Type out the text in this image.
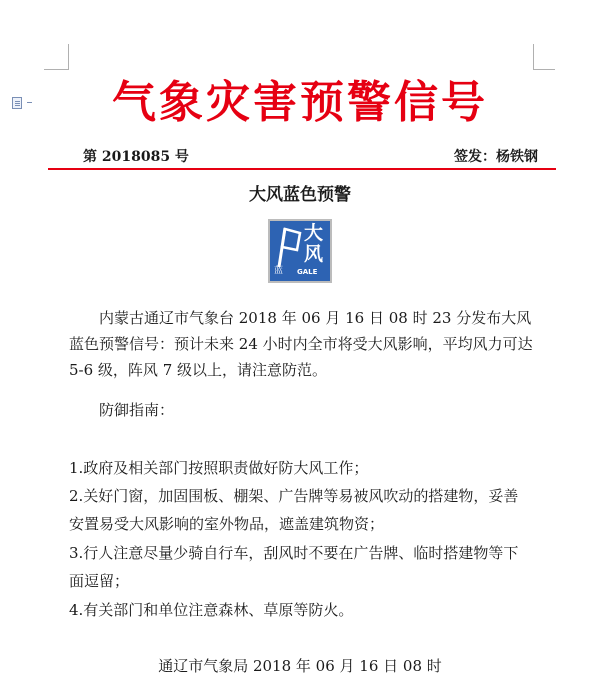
气象灾害预警信号
第 2018085 号	签发：杨铁钢
大风蓝色预警
大
风
蓝 GALE

内蒙古通辽市气象台 2018 年 06 月 16 日 08 时 23 分发布大风蓝色预警信号：预计未来 24 小时内全市将受大风影响，平均风力可达 5-6 级，阵风 7 级以上，请注意防范。

防御指南：
1.政府及相关部门按照职责做好防大风工作；
2.关好门窗，加固围板、棚架、广告牌等易被风吹动的搭建物，妥善
安置易受大风影响的室外物品，遮盖建筑物资；
3.行人注意尽量少骑自行车，刮风时不要在广告牌、临时搭建物等下
面逗留；
4.有关部门和单位注意森林、草原等防火。
通辽市气象局 2018 年 06 月 16 日 08 时
